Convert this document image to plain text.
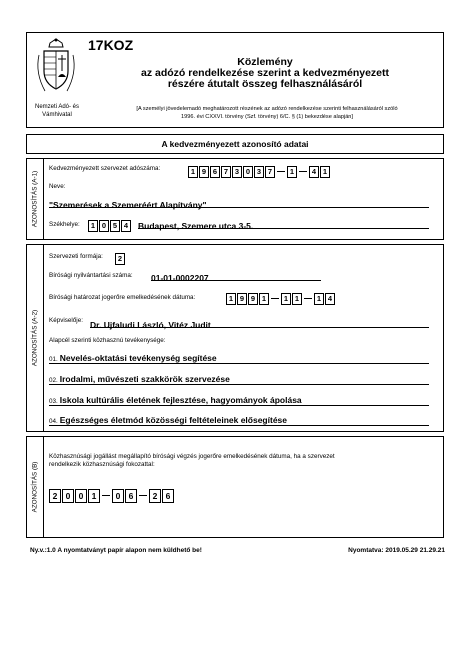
Nemzeti Adó- és Vámhivatal
17KOZ
Közlemény
az adózó rendelkezése szerint a kedvezményezett
részére átutalt összeg felhasználásáról
[A személyi jövedelemadó meghatározott részének az adózó rendelkezése szerinti felhasználásáról szóló
1996. évi CXXVI. törvény (Szf. törvény) 6/C. § (1) bekezdése alapján]
A kedvezményezett azonosító adatai
AZONOSÍTÁS (A-1)
Kedvezményezett szervezet adószáma:	1 9 6 7 3 0 3 7 1 4 1
Neve:
"Szemerések a Szemeréért Alapítvány"
Székhelye:	1 0 5 4	Budapest, Szemere utca 3-5.
AZONOSÍTÁS (A-2)
Szervezeti formája:	2
Bírósági nyilvántartási száma: 01-01-0002207
Bírósági határozat jogerőre emelkedésének dátuma:	1 9 9 1 1 1 1 4
Képviselője: Dr. Ujfaludi László, Vitéz Judit
Alapcél szerinti közhasznú tevékenysége:
01. Nevelés-oktatási tevékenység segítése
02. Irodalmi, művészeti szakkörök szervezése
03. Iskola kultúrális életének fejlesztése, hagyományok ápolása
04. Egészséges életmód közösségi feltételeinek elősegítése
AZONOSÍTÁS (B)
Közhasznúsági jogállást megállapító bírósági végzés jogerőre emelkedésének dátuma, ha a szervezet
rendelkezik közhasznúsági fokozattal:
2 0 0 1 0 6 2 6
Ny.v.:1.0 A nyomtatványt papír alapon nem küldhető be!	Nyomtatva: 2019.05.29 21.29.21
